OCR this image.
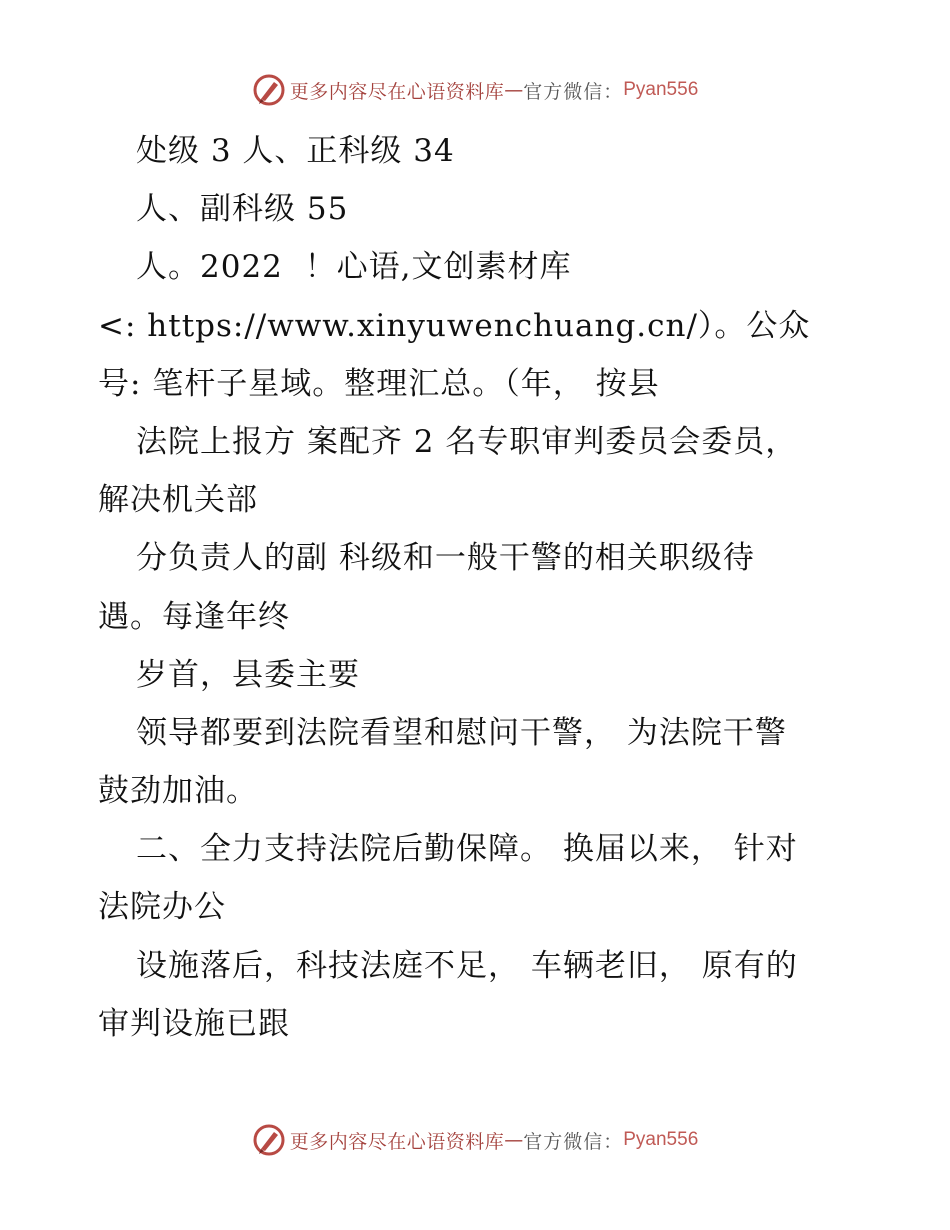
更多内容尽在心语资料库 — 官方微信： Pyan556
处级 3 人、正科级 34
人、副科级 55
人。2022  ！心语,文创素材库
<: https://www.xinyuwenchuang.cn/）。公众
号: 笔杆子星域。整理汇总。（年， 按县
法院上报方 案配齐 2 名专职审判委员会委员，
解决机关部
分负责人的副 科级和一般干警的相关职级待
遇。每逢年终
岁首，县委主要
领导都要到法院看望和慰问干警， 为法院干警
鼓劲加油。
二、全力支持法院后勤保障。 换届以来， 针对
法院办公
设施落后，科技法庭不足， 车辆老旧， 原有的
审判设施已跟
更多内容尽在心语资料库 — 官方微信： Pyan556
